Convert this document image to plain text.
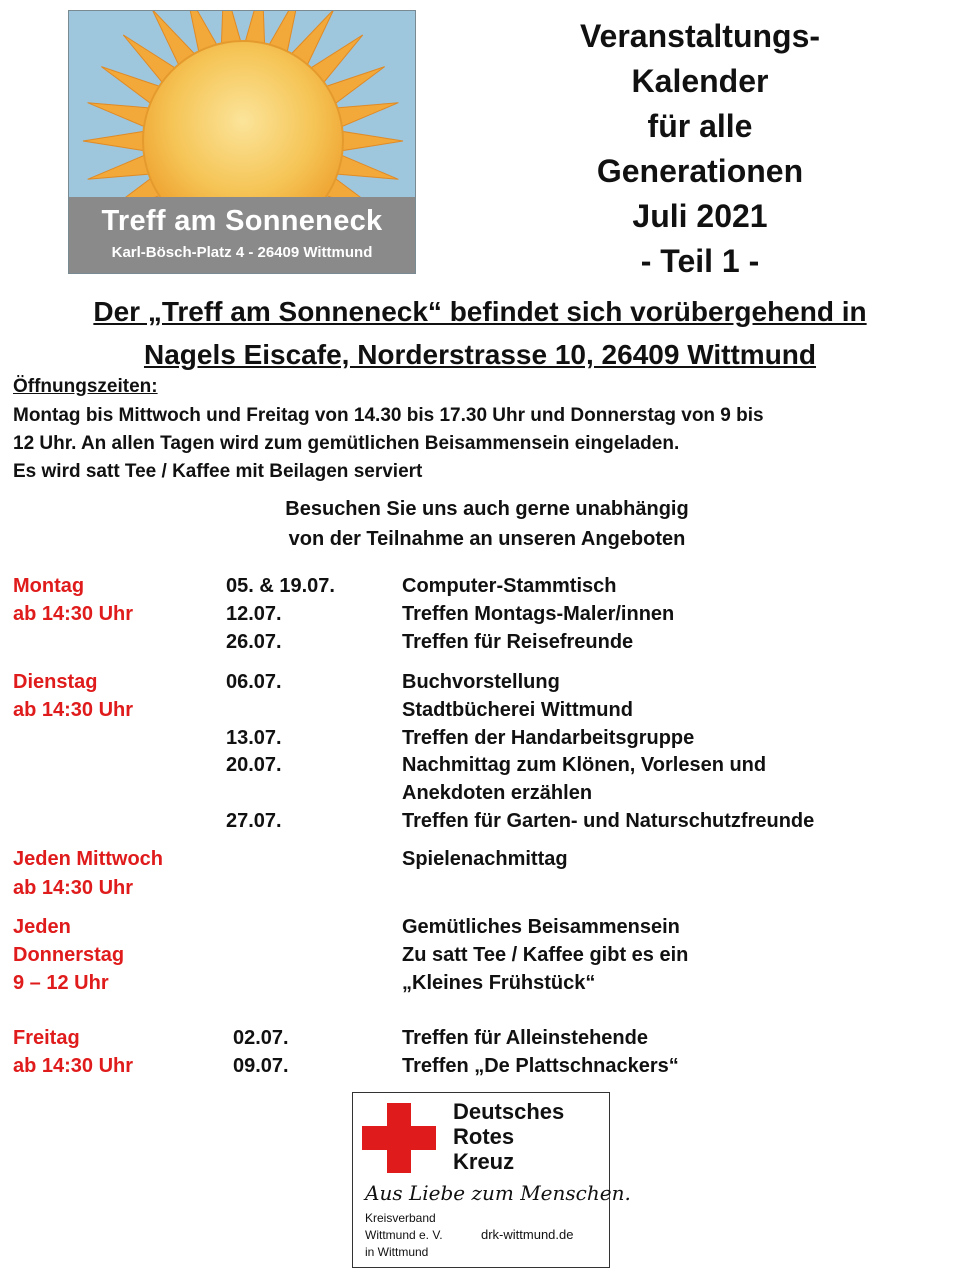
Treff am Sonneneck
Karl-Bösch-Platz 4 - 26409 Wittmund
Veranstaltungs-
Kalender
für alle
Generationen
Juli 2021
- Teil 1 -
Der „Treff am Sonneneck“ befindet sich vorübergehend in
Nagels Eiscafe, Norderstrasse 10, 26409 Wittmund
Öffnungszeiten:
Montag bis Mittwoch und Freitag von 14.30 bis 17.30 Uhr und Donnerstag von 9 bis
12 Uhr. An allen Tagen wird zum gemütlichen Beisammensein eingeladen.
Es wird satt Tee / Kaffee mit Beilagen serviert
Besuchen Sie uns auch gerne unabhängig
von der Teilnahme an unseren Angeboten
Montag
ab 14:30 Uhr
05. & 19.07.	Computer-Stammtisch
12.07.	Treffen Montags-Maler/innen
26.07.	Treffen für Reisefreunde
Dienstag
ab 14:30 Uhr
06.07.	Buchvorstellung
Stadtbücherei Wittmund
13.07.	Treffen der Handarbeitsgruppe
20.07.	Nachmittag zum Klönen, Vorlesen und
Anekdoten erzählen
27.07.	Treffen für Garten- und Naturschutzfreunde
Jeden Mittwoch
ab 14:30 Uhr
Spielenachmittag
Jeden
Donnerstag
9 – 12 Uhr
Gemütliches Beisammensein
Zu satt Tee / Kaffee gibt es ein
„Kleines Frühstück“
Freitag
ab 14:30 Uhr
02.07.	Treffen für Alleinstehende
09.07.	Treffen „De Plattschnackers“
Deutsches
Rotes
Kreuz
Aus Liebe zum Menschen.
Kreisverband
Wittmund e. V.
in Wittmund
drk-wittmund.de
